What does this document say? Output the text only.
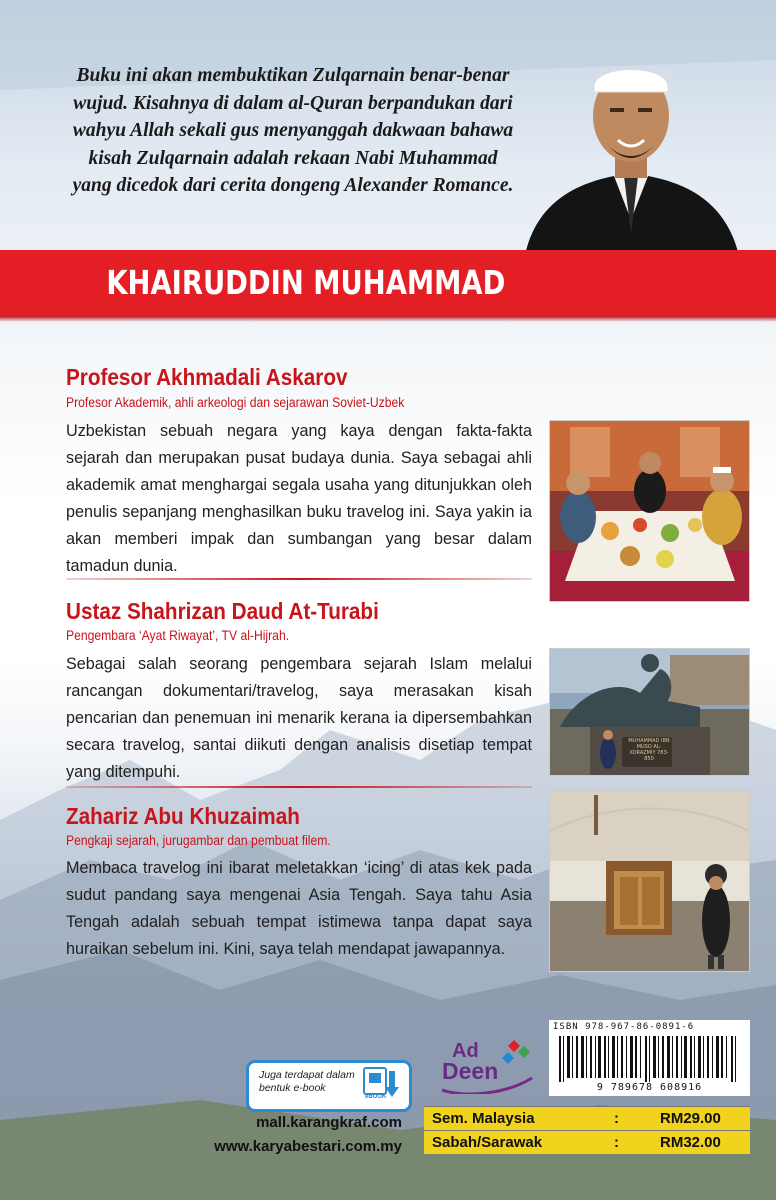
Buku ini akan membuktikan Zulqarnain benar-benar wujud. Kisahnya di dalam al-Quran berpandukan dari wahyu Allah sekali gus menyanggah dakwaan bahawa kisah Zulqarnain adalah rekaan Nabi Muhammad yang dicedok dari cerita dongeng Alexander Romance.

KHAIRUDDIN MUHAMMAD
Profesor Akhmadali Askarov

Profesor Akademik, ahli arkeologi dan sejarawan Soviet-Uzbek

Uzbekistan sebuah negara yang kaya dengan fakta-fakta sejarah dan merupakan pusat budaya dunia. Saya sebagai ahli akademik amat menghargai segala usaha yang ditunjukkan oleh penulis sepanjang menghasilkan buku travelog ini. Saya yakin ia akan memberi impak dan sumbangan yang besar dalam tamadun dunia.

Ustaz Shahrizan Daud At-Turabi

Pengembara ‘Ayat Riwayat’, TV al-Hijrah.

Sebagai salah seorang pengembara sejarah Islam melalui rancangan dokumentari/travelog, saya merasakan kisah pencarian dan penemuan ini menarik kerana ia dipersembahkan secara travelog, santai diikuti dengan analisis disetiap tempat yang ditempuhi.

Zahariz Abu Khuzaimah

Pengkaji sejarah, jurugambar dan pembuat filem.

Membaca travelog ini ibarat meletakkan ‘icing’ di atas kek pada sudut pandang saya mengenai Asia Tengah. Saya tahu Asia Tengah adalah sebuah tempat istimewa tanpa dapat saya huraikan sebelum ini. Kini, saya telah mendapat jawapannya.

MUHAMMAD IBN MUSO AL-XORAZMIY 783-850
Juga terdapat dalam bentuk e-book
eBOOK

mall.karangkraf.com

www.karyabestari.com.my

Ad
Deen
ISBN 978-967-86-0891-6
9 789678 608916
Sem. Malaysia	:	RM29.00
Sabah/Sarawak	:	RM32.00
